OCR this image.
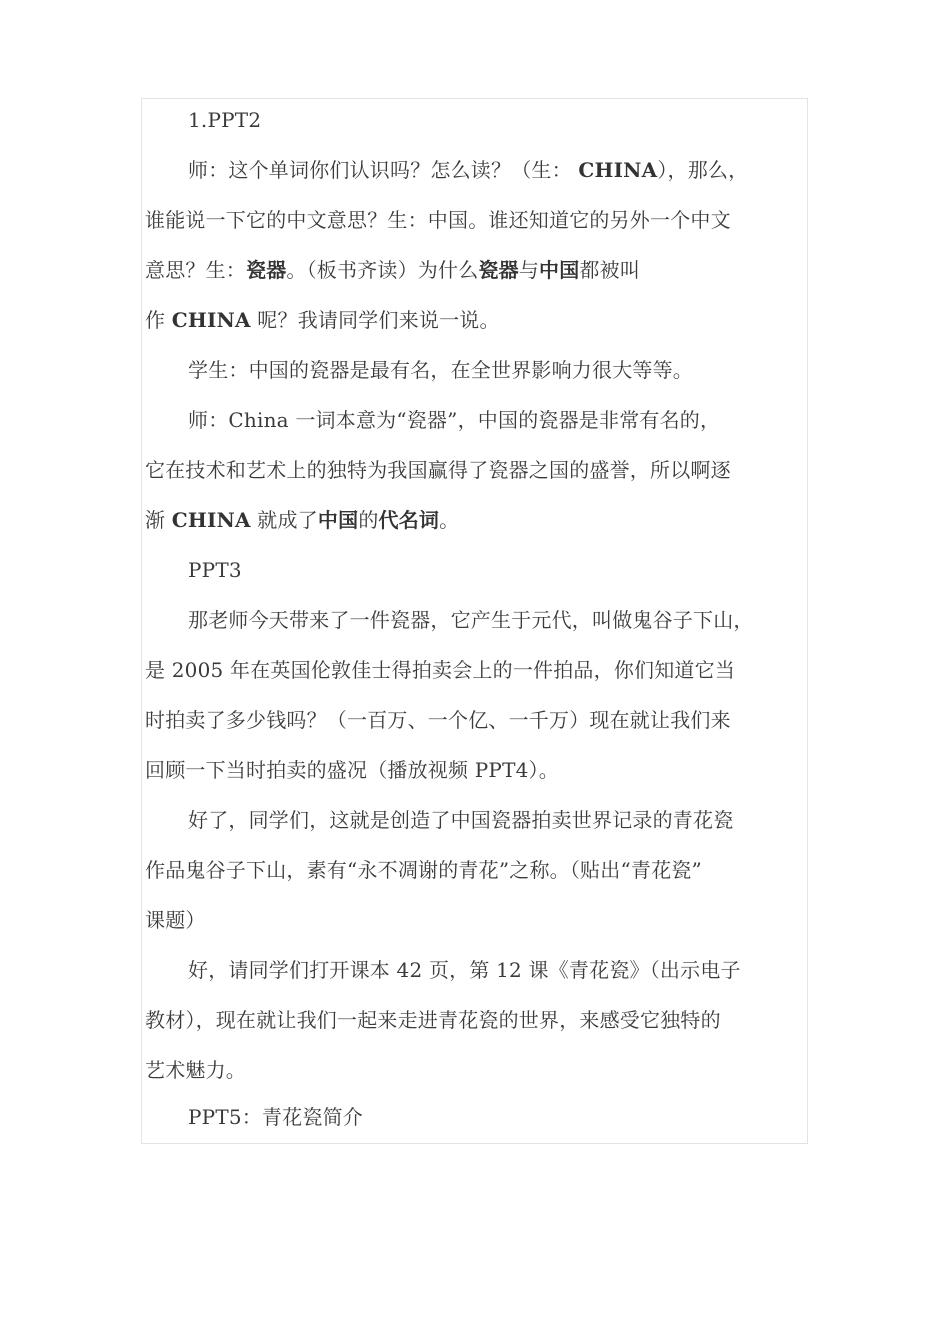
1.PPT2
师：这个单词你们认识吗？怎么读？（生： CHINA），那么，
谁能说一下它的中文意思？生：中国。谁还知道它的另外一个中文
意思？生：瓷器。（板书齐读）为什么瓷器与中国都被叫
作 CHINA 呢？我请同学们来说一说。
学生：中国的瓷器是最有名，在全世界影响力很大等等。
师：China 一词本意为“瓷器”，中国的瓷器是非常有名的，
它在技术和艺术上的独特为我国赢得了瓷器之国的盛誉，所以啊逐
渐 CHINA 就成了中国的代名词。
PPT3
那老师今天带来了一件瓷器，它产生于元代，叫做鬼谷子下山，
是 2005 年在英国伦敦佳士得拍卖会上的一件拍品，你们知道它当
时拍卖了多少钱吗？（一百万、一个亿、一千万）现在就让我们来
回顾一下当时拍卖的盛况（播放视频 PPT4）。
好了，同学们，这就是创造了中国瓷器拍卖世界记录的青花瓷
作品鬼谷子下山，素有“永不凋谢的青花”之称。（贴出“青花瓷”
课题）
好，请同学们打开课本 42 页，第 12 课《青花瓷》（出示电子
教材），现在就让我们一起来走进青花瓷的世界，来感受它独特的
艺术魅力。
PPT5：青花瓷简介
